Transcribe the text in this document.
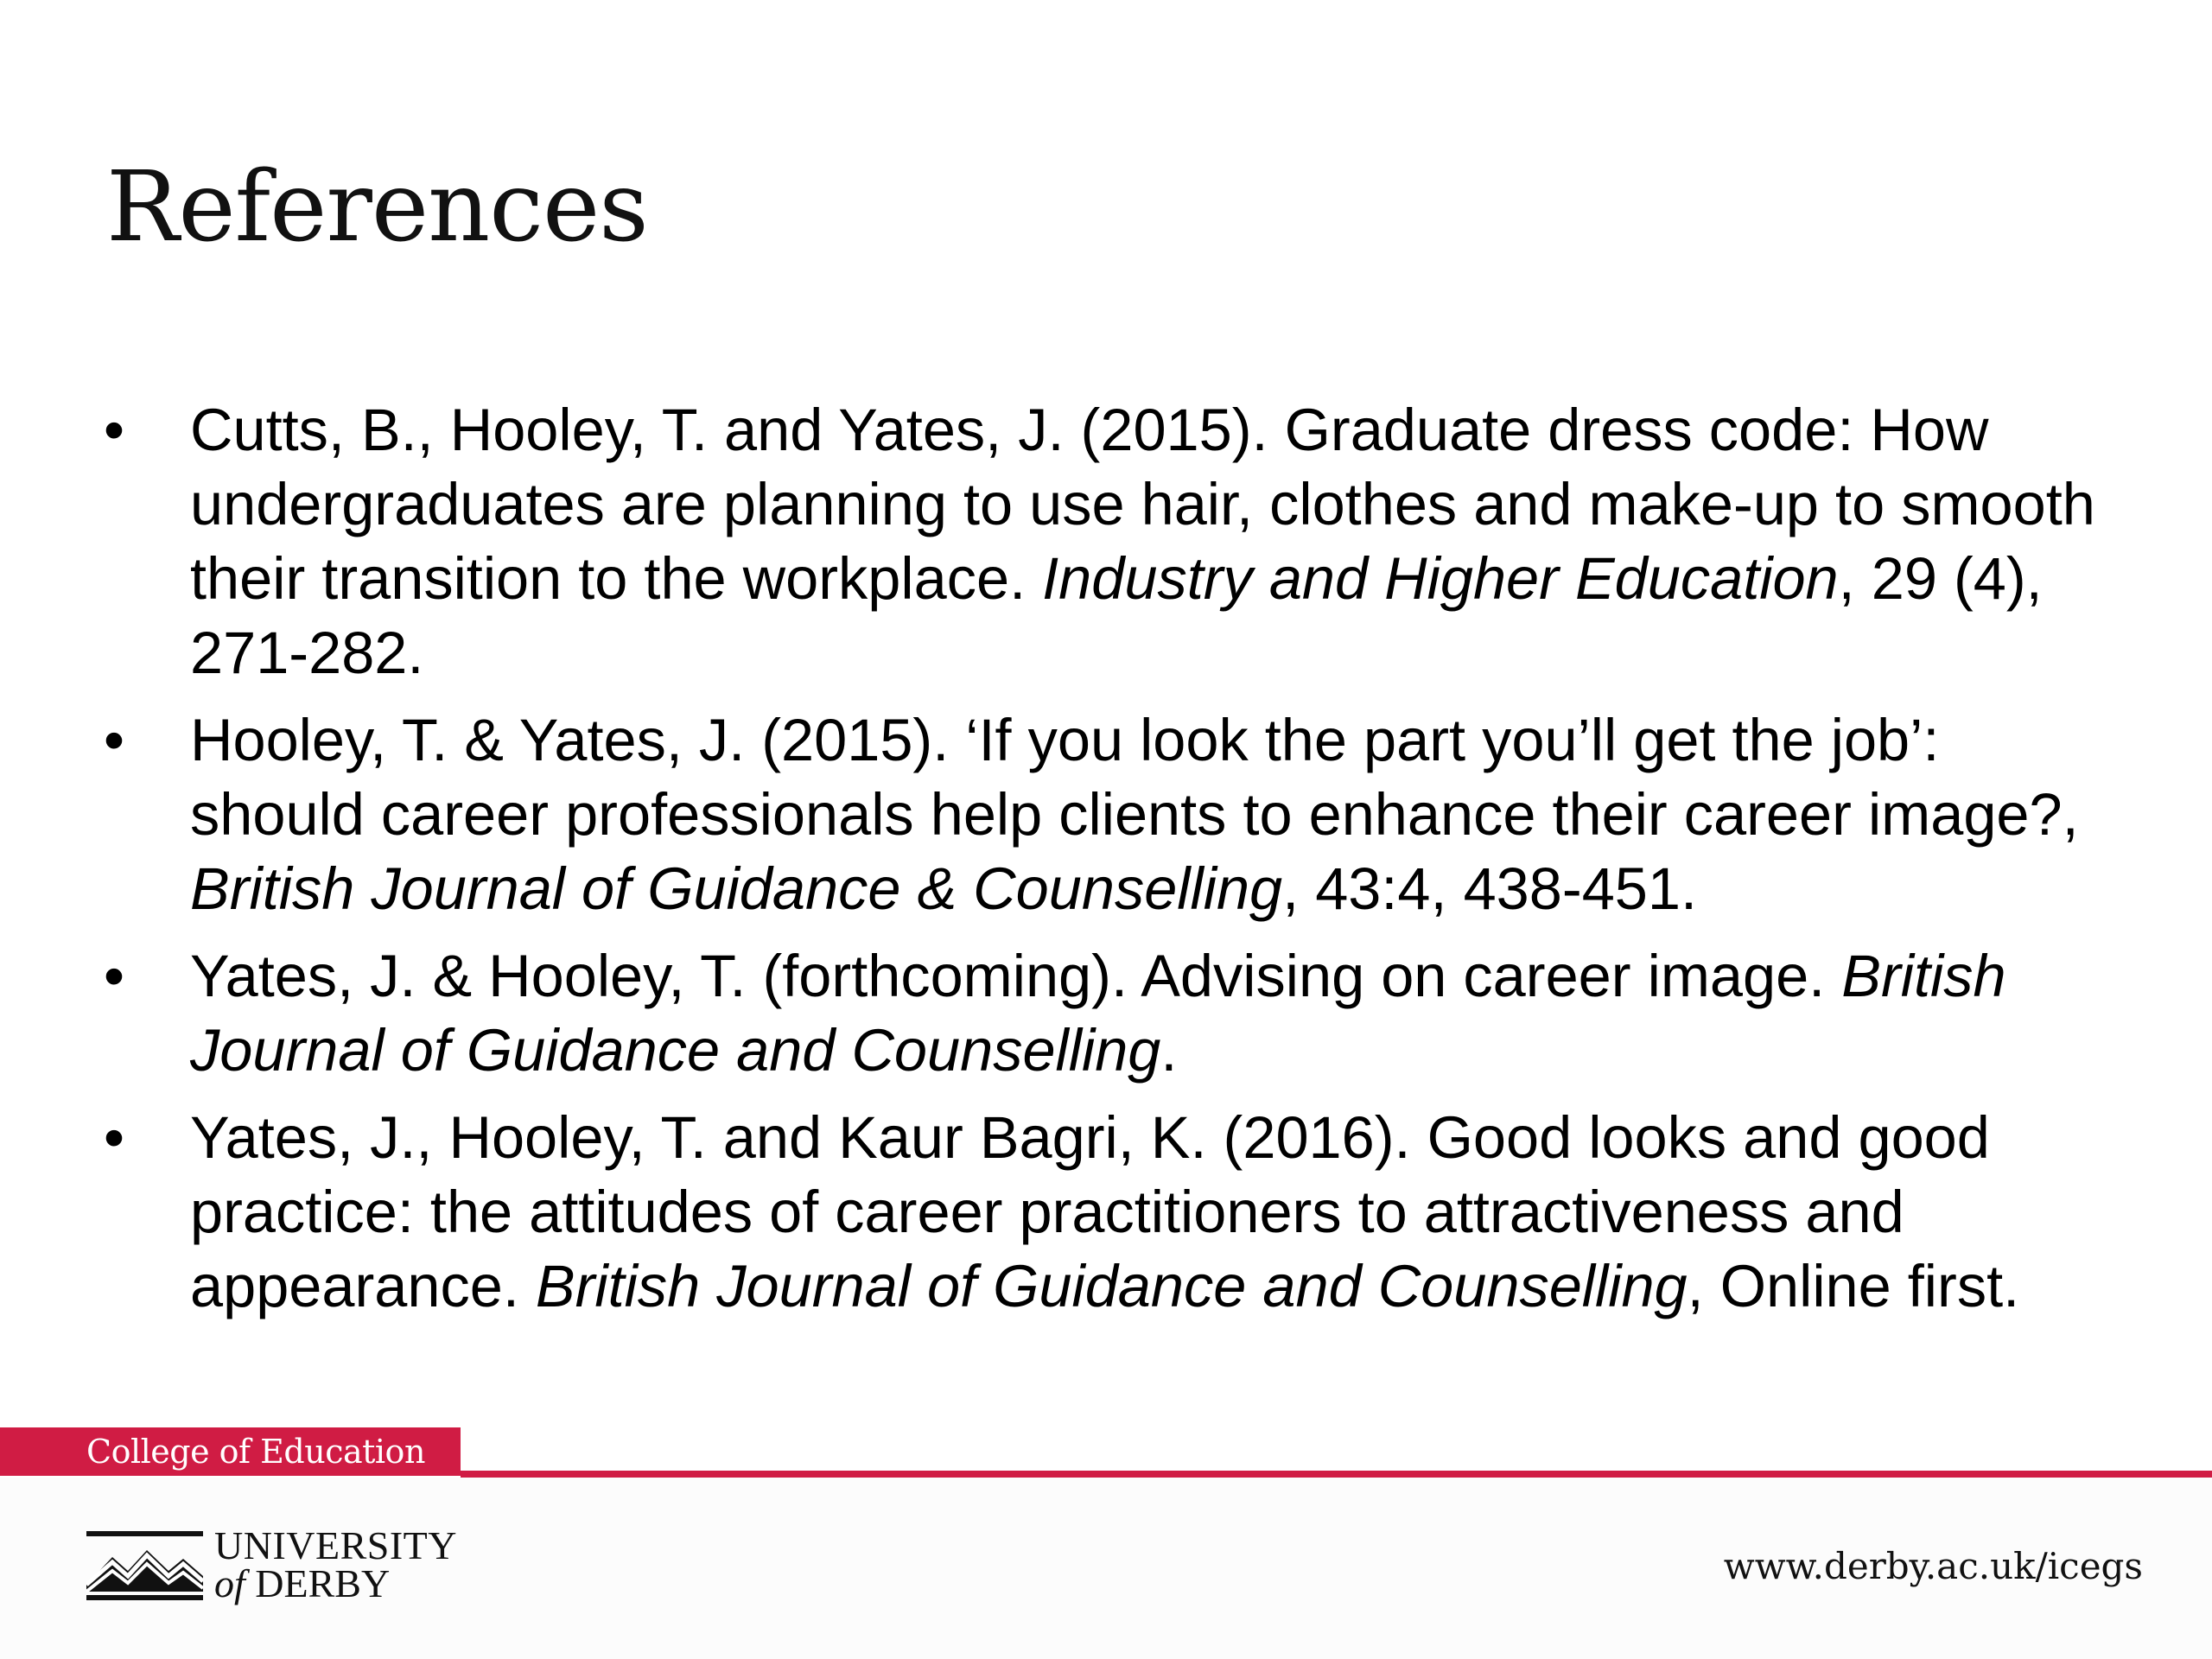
References
• Cutts, B., Hooley, T. and Yates, J. (2015). Graduate dress code: How undergraduates are planning to use hair, clothes and make-up to smooth their transition to the workplace. Industry and Higher Education, 29 (4), 271-282.
• Hooley, T. & Yates, J. (2015). ‘If you look the part you’ll get the job’: should career professionals help clients to enhance their career image?, British Journal of Guidance & Counselling, 43:4, 438-451.
• Yates, J. & Hooley, T. (forthcoming). Advising on career image. British Journal of Guidance and Counselling.
• Yates, J., Hooley, T. and Kaur Bagri, K. (2016). Good looks and good practice: the attitudes of career practitioners to attractiveness and appearance. British Journal of Guidance and Counselling, Online first.
College of Education
UNIVERSITY
of DERBY	www.derby.ac.uk/icegs
